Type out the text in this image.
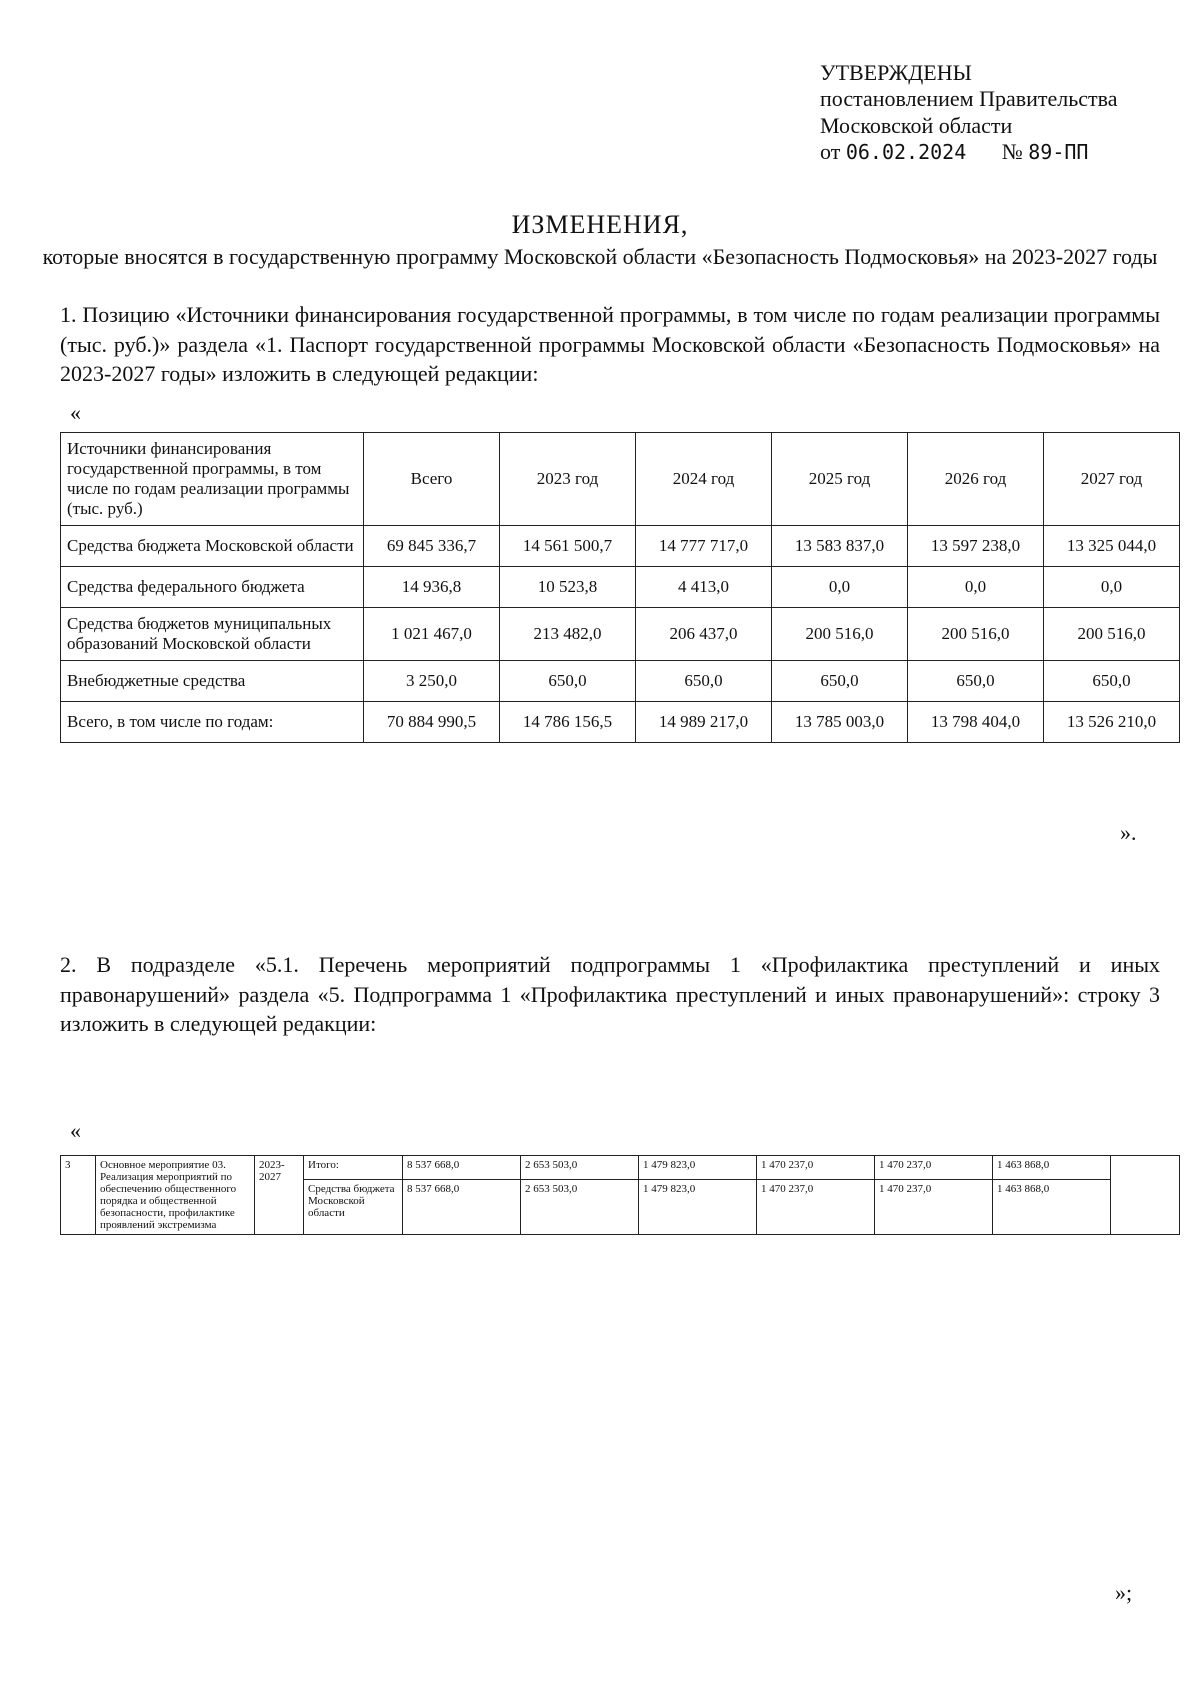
УТВЕРЖДЕНЫ
постановлением Правительства
Московской области
от 06.02.2024 № 89-ПП
ИЗМЕНЕНИЯ,
которые вносятся в государственную программу Московской области «Безопасность Подмосковья» на 2023-2027 годы
1. Позицию «Источники финансирования государственной программы, в том числе по годам реализации программы (тыс. руб.)» раздела «1. Паспорт государственной программы Московской области «Безопасность Подмосковья» на 2023-2027 годы» изложить в следующей редакции:
«
Источники финансирования государственной программы, в том числе по годам реализации программы (тыс. руб.)	Всего	2023 год	2024 год	2025 год	2026 год	2027 год
Средства бюджета Московской области	69 845 336,7	14 561 500,7	14 777 717,0	13 583 837,0	13 597 238,0	13 325 044,0
Средства федерального бюджета	14 936,8	10 523,8	4 413,0	0,0	0,0	0,0
Средства бюджетов муниципальных образований Московской области	1 021 467,0	213 482,0	206 437,0	200 516,0	200 516,0	200 516,0
Внебюджетные средства	3 250,0	650,0	650,0	650,0	650,0	650,0
Всего, в том числе по годам:	70 884 990,5	14 786 156,5	14 989 217,0	13 785 003,0	13 798 404,0	13 526 210,0
».
2. В подразделе «5.1. Перечень мероприятий подпрограммы 1 «Профилактика преступлений и иных правонарушений» раздела «5. Подпрограмма 1 «Профилактика преступлений и иных правонарушений»: строку 3 изложить в следующей редакции:
«
3	Основное мероприятие 03. Реализация мероприятий по обеспечению общественного порядка и общественной безопасности, профилактике проявлений экстремизма	2023-2027	Итого:	8 537 668,0	2 653 503,0	1 479 823,0	1 470 237,0	1 470 237,0	1 463 868,0	
			Средства бюджета Московской области	8 537 668,0	2 653 503,0	1 479 823,0	1 470 237,0	1 470 237,0	1 463 868,0	
»;
